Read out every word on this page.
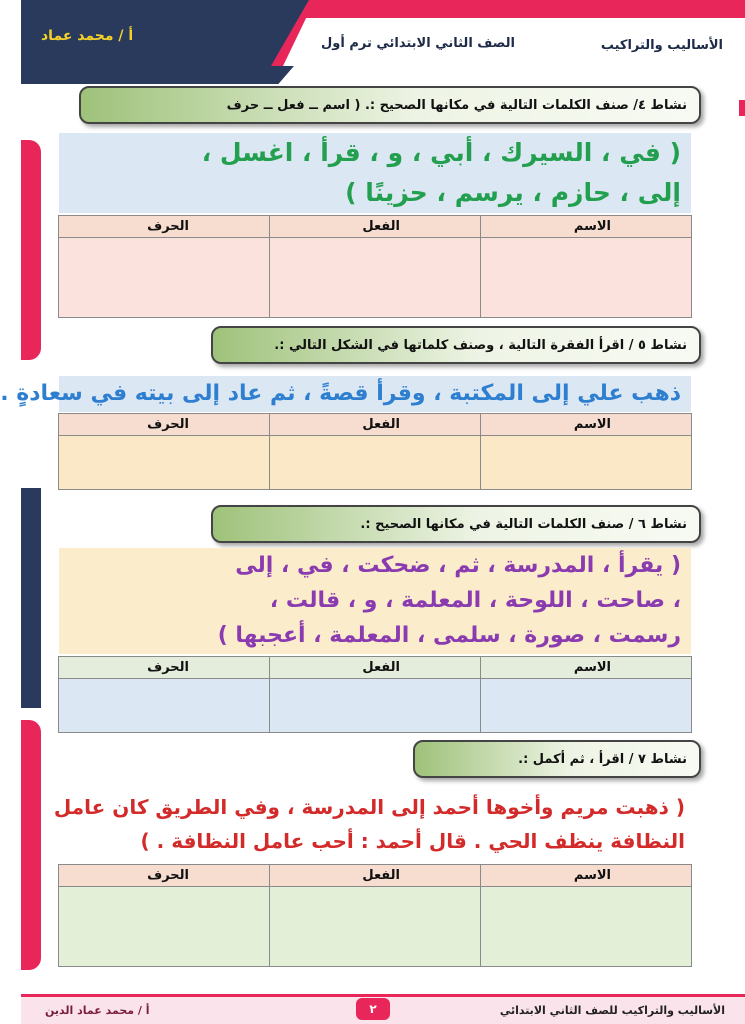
أ / محمد عماد	الصف الثاني الابتدائي ترم أول	الأساليب والتراكيب
نشاط ٤/ صنف الكلمات التالية في مكانها الصحيح :. ( اسم ــ فعل ــ حرف
( في ، السيرك ، أبي ، و ، قرأ ، اغسل ،
إلى ، حازم ، يرسم ، حزينًا )
الاسم	الفعل	الحرف

نشاط ٥ / اقرأ الفقرة التالية ، وصنف كلماتها في الشكل التالي :.
ذهب علي إلى المكتبة ، وقرأ قصةً ، ثم عاد إلى بيته في سعادةٍ .
الاسم	الفعل	الحرف

نشاط ٦ / صنف الكلمات التالية في مكانها الصحيح :.
( يقرأ ، المدرسة ، ثم ، ضحكت ، في ، إلى
، صاحت ، اللوحة ، المعلمة ، و ، قالت ،
رسمت ، صورة ، سلمى ، المعلمة ، أعجبها )
الاسم	الفعل	الحرف

نشاط ٧ / اقرأ ، ثم أكمل :.
( ذهبت مريم وأخوها أحمد إلى المدرسة ، وفي الطريق كان عامل
النظافة ينظف الحي . قال أحمد : أحب عامل النظافة . )
الاسم	الفعل	الحرف

الأساليب والتراكيب للصف الثاني الابتدائي
٢
أ / محمد عماد الدين
